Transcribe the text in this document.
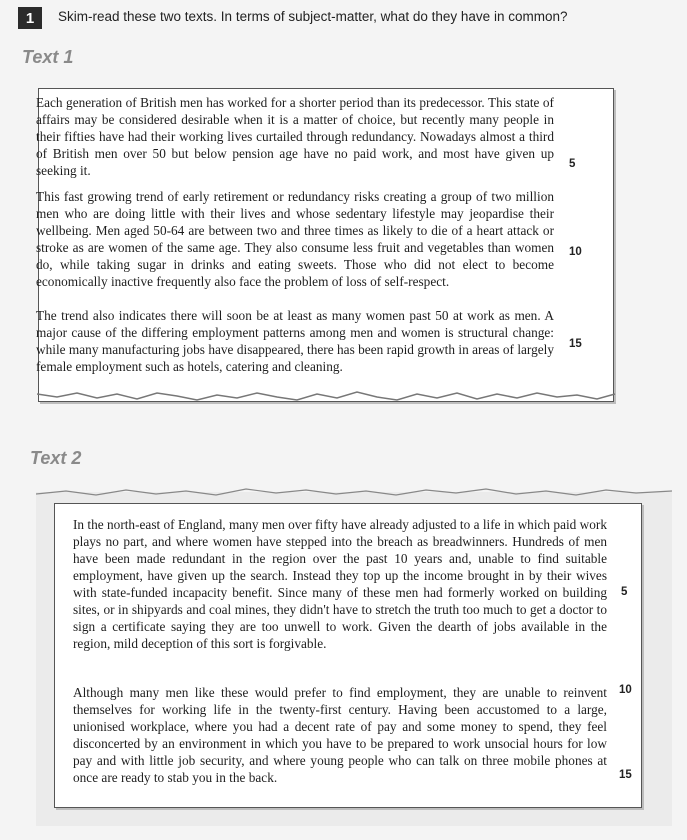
1	Skim-read these two texts. In terms of subject-matter, what do they have in common?
Text 1
Each generation of British men has worked for a shorter period than its predecessor. This state of affairs may be considered desirable when it is a matter of choice, but recently many people in their fifties have had their working lives curtailed through redundancy. Nowadays almost a third of British men over 50 but below pension age have no paid work, and most have given up seeking it.
This fast growing trend of early retirement or redundancy risks creating a group of two million men who are doing little with their lives and whose sedentary lifestyle may jeopardise their wellbeing. Men aged 50-64 are between two and three times as likely to die of a heart attack or stroke as are women of the same age. They also consume less fruit and vegetables than women do, while taking sugar in drinks and eating sweets. Those who did not elect to become economically inactive frequently also face the problem of loss of self-respect.
The trend also indicates there will soon be at least as many women past 50 at work as men. A major cause of the differing employment patterns among men and women is structural change: while many manufacturing jobs have disappeared, there has been rapid growth in areas of largely female employment such as hotels, catering and cleaning.
5
10
15
Text 2
In the north-east of England, many men over fifty have already adjusted to a life in which paid work plays no part, and where women have stepped into the breach as breadwinners. Hundreds of men have been made redundant in the region over the past 10 years and, unable to find suitable employment, have given up the search. Instead they top up the income brought in by their wives with state-funded incapacity benefit. Since many of these men had formerly worked on building sites, or in shipyards and coal mines, they didn't have to stretch the truth too much to get a doctor to sign a certificate saying they are too unwell to work. Given the dearth of jobs available in the region, mild deception of this sort is forgivable.
Although many men like these would prefer to find employment, they are unable to reinvent themselves for working life in the twenty-first century. Having been accustomed to a large, unionised workplace, where you had a decent rate of pay and some money to spend, they feel disconcerted by an environment in which you have to be prepared to work unsocial hours for low pay and with little job security, and where young people who can talk on three mobile phones at once are ready to stab you in the back.
5
10
15
